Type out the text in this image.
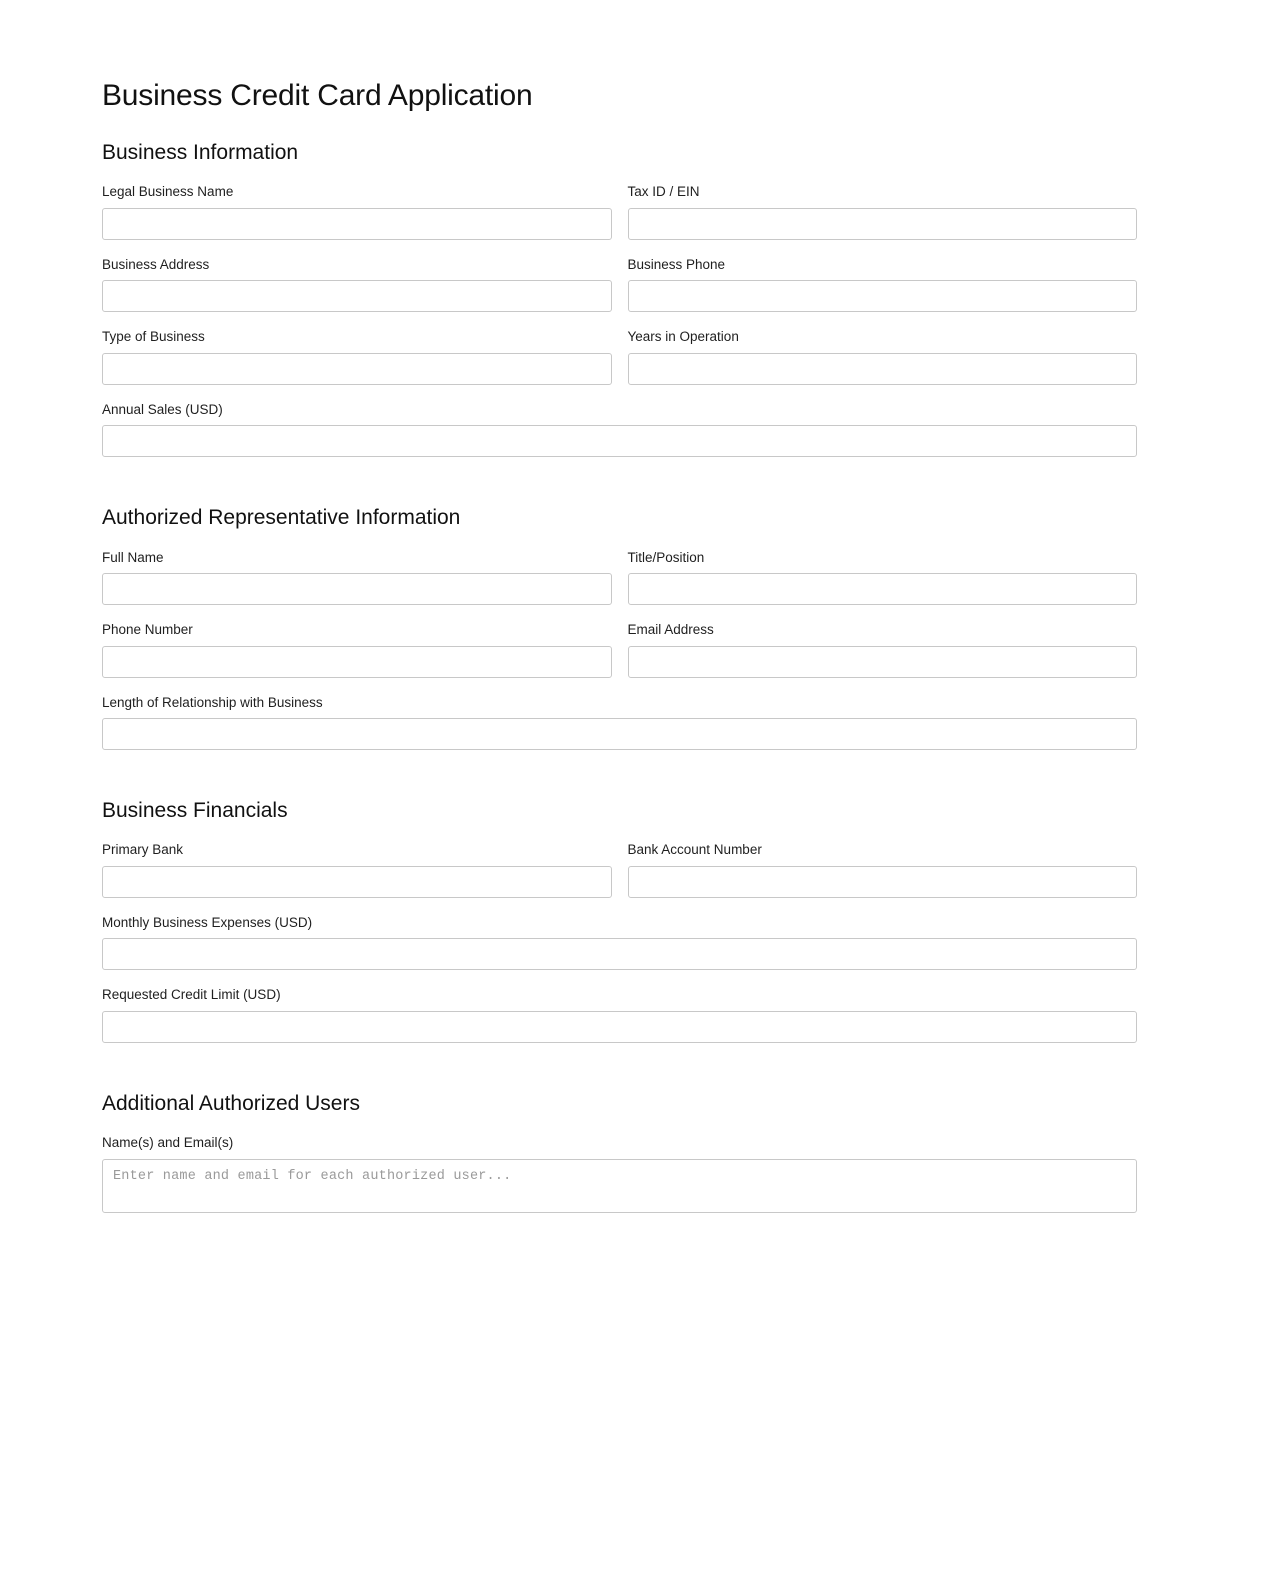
Business Credit Card Application
Business Information
Legal Business Name	Tax ID / EIN
Business Address	Business Phone
Type of Business	Years in Operation
Annual Sales (USD)
Authorized Representative Information
Full Name	Title/Position
Phone Number	Email Address
Length of Relationship with Business
Business Financials
Primary Bank	Bank Account Number
Monthly Business Expenses (USD)
Requested Credit Limit (USD)
Additional Authorized Users
Name(s) and Email(s)
Enter name and email for each authorized user...
